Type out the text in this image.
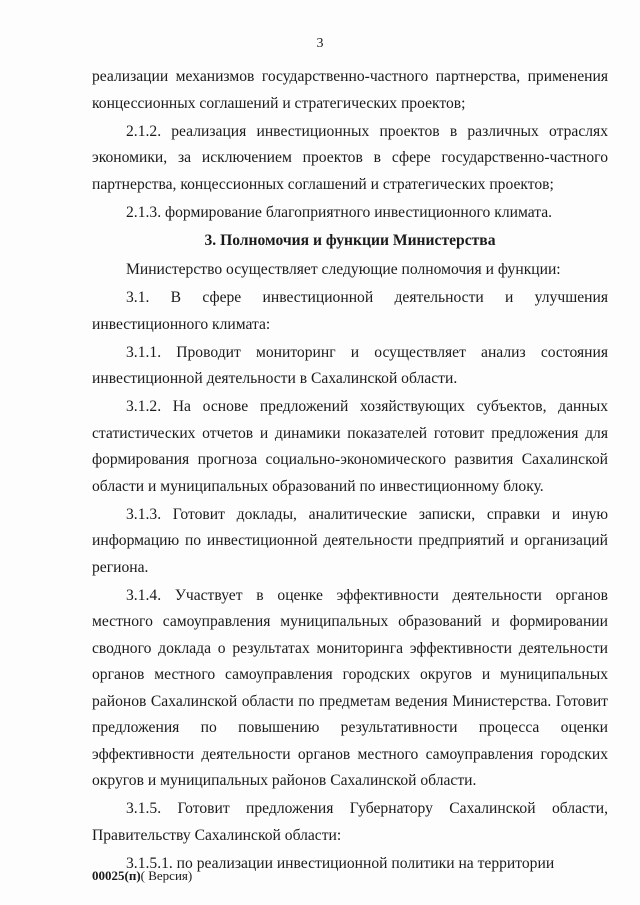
3

реализации механизмов государственно-частного партнерства, применения концессионных соглашений и стратегических проектов;

2.1.2. реализация инвестиционных проектов в различных отраслях экономики, за исключением проектов в сфере государственно-частного партнерства, концессионных соглашений и стратегических проектов;

2.1.3. формирование благоприятного инвестиционного климата.

3. Полномочия и функции Министерства

Министерство осуществляет следующие полномочия и функции:

3.1. В сфере инвестиционной деятельности и улучшения инвестиционного климата:

3.1.1. Проводит мониторинг и осуществляет анализ состояния инвестиционной деятельности в Сахалинской области.

3.1.2. На основе предложений хозяйствующих субъектов, данных статистических отчетов и динамики показателей готовит предложения для формирования прогноза социально-экономического развития Сахалинской области и муниципальных образований по инвестиционному блоку.

3.1.3. Готовит доклады, аналитические записки, справки и иную информацию по инвестиционной деятельности предприятий и организаций региона.

3.1.4. Участвует в оценке эффективности деятельности органов местного самоуправления муниципальных образований и формировании сводного доклада о результатах мониторинга эффективности деятельности органов местного самоуправления городских округов и муниципальных районов Сахалинской области по предметам ведения Министерства. Готовит предложения по повышению результативности процесса оценки эффективности деятельности органов местного самоуправления городских округов и муниципальных районов Сахалинской области.

3.1.5. Готовит предложения Губернатору Сахалинской области, Правительству Сахалинской области:

3.1.5.1. по реализации инвестиционной политики на территории

00025(п)( Версия)
